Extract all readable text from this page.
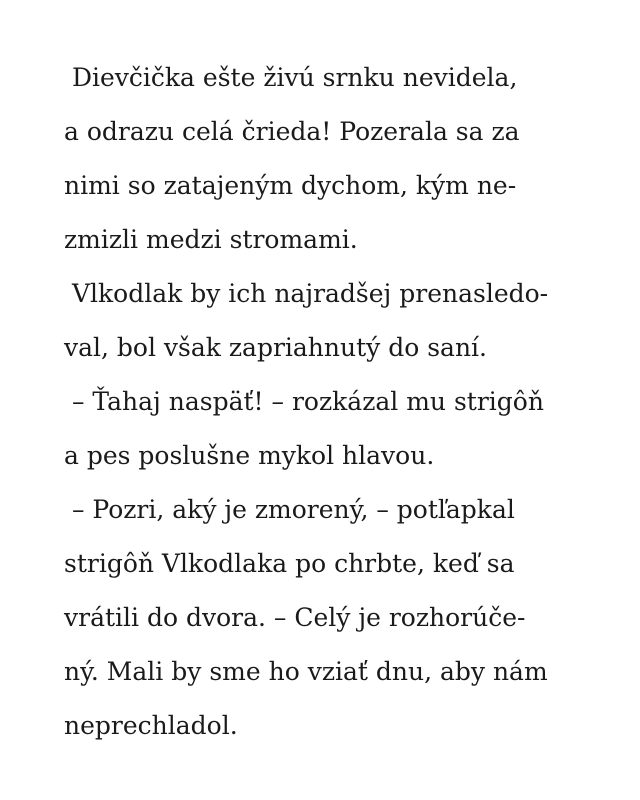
Dievčička ešte živú srnku nevidela,
a odrazu celá črieda! Pozerala sa za
nimi so zatajeným dychom, kým ne-
zmizli medzi stromami.
Vlkodlak by ich najradšej prenasledo-
val, bol však zapriahnutý do saní.
– Ťahaj naspäť! – rozkázal mu strigôň
a pes poslušne mykol hlavou.
– Pozri, aký je zmorený, – potľapkal
strigôň Vlkodlaka po chrbte, keď sa
vrátili do dvora. – Celý je rozhorúče-
ný. Mali by sme ho vziať dnu, aby nám
neprechladol.
